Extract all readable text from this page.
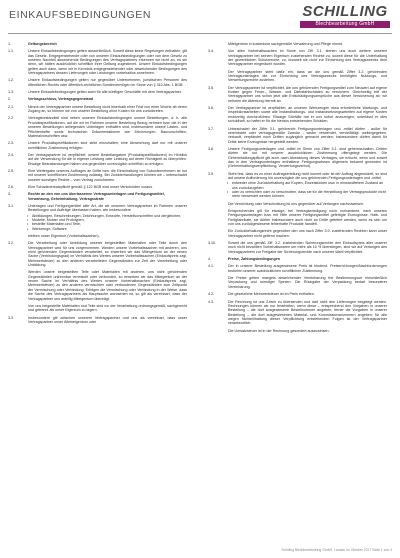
EINKAUFSBEDINGUNGEN	SCHILLING
Blechbearbeitung GmbH
1.	Geltungsbereich
1.1.	Unsere Einkaufsbedingungen gelten ausschließlich. Soweit diese keine Regelungen enthalten, gilt das Gesetz. Entgegenstehende oder von unseren Einkaufsbedingungen oder von dem Gesetz zu unseren Nachteil abweichende Bedingungen des Vertragspartners erkennen wir nicht an, es sei denn, wir hätten ausdrücklich schriftlich ihrer Geltung zugestimmt. Unsere Einkaufsbedingungen gelten auch dann, wenn wir in Kenntnis entgegenstehender oder abweichender Bedingungen des Vertragspartners dessen Lieferungen oder Leistungen vorbehaltlos annehmen.
1.2.	Unsere Einkaufsbedingungen gelten nur gegenüber Unternehmern, juristischen Personen des öffentlichen Rechts oder öffentlich-rechtlichen Sondervermögen im Sinne von § 310 Abs. 1 BGB.
1.3.	Unsere Einkaufsbedingungen gelten auch für alle künftigen Geschäfte mit dem Vertragspartner.
2.	Vertragsschluss, Vertragsgegenstand
2.1.	Nimmt der Vertragspartner unsere Bestellung nicht innerhalb einer Frist von einer Woche ab deren Zugang an, so können wir von unserer Bestellung ohne Kosten für uns zurücktreten.
2.2.	Vertragsbestandteil sind neben unseren Einkaufsbedingungen unsere Bestellungen, d. h. alle Produktspezifikationen, auf die wir im Rahmen unserer Bestellung Bezug nehmen bzw. die in der unseren Bestellungen anliegenden Unterlagen enthalten sind, insbesondere unsere Lasten- und Pflichtenhefte sowie technischen Dokumentationen wie Zeichnungen, Bauvorschriften, Materialvorschriften usw.
2.3.	Unsere Produktspezifikationen sind strikt einzuhalten; eine Abweichung darf nur mit unserer schriftlichen Zustimmung erfolgen.
2.4.	Der Vertragspartner ist verpflichtet, unsere Bestellangaben (Produktspezifikationen) im Hinblick auf die Verwendung für die in eigener Leistung oder Leistung auf deren Richtigkeit zu überprüfen. Etwaige Beanstandungen haben uns gegenüber unverzüglich schriftlich zu erfolgen.
2.5.	Eine Weitergabe unseres Auftrages an Dritte bzw. die Einschaltung von Subunternehmern ist nur mit unserer schriftlichen Zustimmung zulässig. Bei Zuwiderhandlungen können wir – unbeschadet unserer sonstigen Rechte – vom Vertrag zurücktreten.
2.6.	Eine Schadenersatzpflicht gemäß § 122 BGB wird unser Verschulden voraus.
3.	Rechte an den von uns überlassenen Vertragsunterlagen und Fertigungsmittel, Verwahrung, Geheimhaltung, Vertragsstrafe
3.1.	Unterlagen und Fertigungsmittel aller Art, die wir unserem Vertragspartner im Rahmen unserer Bestellungen und Aufträge überlassen haben, wie insbesondere
• Abbildungen, Beschreibungen, Zeichnungen, Entwürfe, Herstellvorschriften und dergleichen,
• Modelle, Muster und Prototypen,
• bestellte Materialien und Teile,
• Werkzeuge, Software
bleiben unser Eigentum (Vorbehaltssachen).
3.2.	Die Verarbeitung oder Umbildung unserer beigestellten Materialien oder Teile durch den Vertragspartner wird für uns vorgenommen. Werden unsere Vorbehaltssachen mit anderen, uns nicht gehörenden Gegenständen verarbeitet, so erwerben wir das Miteigentum an der neuen Sache (Verbindungsgrad) im Verhältnis des Wertes unserer Vorbehaltssachen (Einkaufspreis zzgl. Mehrwertsteuer) zu den anderen verarbeiteten Gegenständen zur Zeit der Verarbeitung oder Umbildung.
Werden unsere beigestellten Teile oder Materialien mit anderen, uns nicht gehörenden Gegenständen untrennbar vermischt oder verbunden, so erwerben wir das Miteigentum an der neuen Sache im Verhältnis des Wertes unserer Vorbehaltssachen (Einkaufspreis zzgl. Mehrwertsteuer) zu den anderen vermischten oder verbundenen Gegenständen zum Zeitpunkt der Vermischung oder Verbindung. Erfolgen die Vermischung oder Verbindung in der Weise, dass die Sache des Vertragspartners als Hauptsache anzusehen ist, so gilt als vereinbart, dass der Vertragspartner uns anteilig Miteigentum überträgt.
Von uns beigestellte Materialien und Teile sind vor der Verarbeitung ordnungsgemäß, sachgerecht und getrennt als unser Eigentum zu lagern.
3.3.	Insbesondere gilt zwischen unserem Vertragspartner und uns als vereinbart, dass unser Vertragspartner unser Alleineigentum oder
Miteigentum in kostenlose sachgemäße Verwahrung und Pflege nimmt.
3.4.	Von allen Vorbehaltssachen im Sinne von Ziff. 3.1. stehen uns auch weitere unseren Vertragspartner bei seinem Eigentum zustehenden Rechte zu, soweit diese für die Unterhaltung der gewerblichen Schutzrechte, zu, insoweit sie nicht zur Einrichtung des Vertragszwecks dem Vertragspartner eingeräumt wurden.
Der Vertragspartner steht dafür ein, dass an die uns gemäß Ziffer 3.2. gehörenden Vertragsunterlagen die zur Einrichtung des Vertragszwecks benötigten Nutzungs- und Verwertungsrechte zustehen.
3.5.	Der Vertragspartner ist verpflichtet, die uns gehörenden Fertigungsmittel zum Neuwert auf eigene Kosten gegen Feuer-, Wasser- und Diebstahlschäden zu versichern. Gleichzeitig tritt der Vertragspartner uns schon jetzt alle Entschädigungsansprüche aus dieser Versicherung ab; wir nehmen die Abtretung hiermit an.
3.6.	Der Vertragspartner ist verpflichtet, an unseren Werkzeugen etwa erforderliche Wartungs- und Inspektionsarbeiten sowie alle Instandhaltungs- und Instandsetzungsarbeiten auf eigene Kosten rechtzeitig durchzuführen. Etwaige Störfälle hat er uns sofort anzuzeigen; unterlässt er dies schuldhaft, so haftet er für die hieraus entstehenden Schäden.
3.7.	Unbeschadet der Ziffer 3.1. gehörende Fertigungsunterlagen und -mittel dürfen - außer für vereinbarte oder vertragsgemäße Zwecke - weder verwendet, vervielfältigt, weitergegeben, verkauft, verpfändet noch Dritten zugänglich gemacht werden; insbesondere dürfen damit für Dritte keine Erzeugnisse hergestellt werden.
3.8.	Unsere Fertigungsunterlagen und -mittel im Sinne von Ziffer 3.1. sind geheimzuhalten. Dritten dürfen sie nur mit unserer ausdrücklichen Zustimmung offengelegt werden. Die Geheimhaltungspflicht gilt auch nach Abwicklung dieses Vertrages; sie erlischt, wenn und soweit das in den Vertragsunterlagen enthaltene Fertigungswissen allgemein bekannt geworden ist (Geheimhaltungsverpflichtung, Verwertungsverbot).
3.9.	Steht fest, dass es zu einer Auftragserteilung nicht kommt oder ist der Auftrag abgewickelt, so sind auf unsere Aufforderung hin unverzüglich die uns gehörenden Fertigungsunterlagen und -mittel
• entweder ohne Zurückbehaltung auf Kopien, Einzelstücken usw. in einwandfreiem Zustand an uns zurückzugeben
• oder zu vernichten oder zu verschrotten, dass sie für die Herstellung der Vertragsprodukte nicht mehr verwendet werden können.
Die Vernichtung oder Verschrottung ist uns gegenüber auf Verlangen nachzuweisen.
Entsprechendes gilt für etwaige, bei Vertragserledigung noch vorhandene, nach unseren Fertigungsunterlagen bzw. mit Hilfe unserer Fertigungsmittel gefertigte Erzeugnisse. Halb- und Fertigfabrikate, sie dürfen insbesondere auch nicht an Dritte geliefert werden, wenn es sich um von uns zurückgewiesene fehlerhafte Produkte handelt.
Ein Zurückbehaltungsrecht gegenüber den uns nach Ziffer 3.9. zustehenden Rechten kann unser Vertragspartner nicht geltend machen.
3.10.	Soweit die uns gemäß Ziff. 3.2. zustehenden Sicherungsrechte den Einkaufspreis aller unserer noch nicht bezahlten Vorbehaltswaren um mehr als 10 % übersteigen, sind wir auf Verlangen des Vertragspartners zur Freigabe der Sicherungsrechte nach unserer Wahl verpflichtet.
4.	Preise, Zahlungsbedingungen
4.1.	Der in unserer Bestellung ausgewiesene Preis ist bindend. Preiserhöhungen/Nachforderungen bedürfen unserer ausdrücklichen schriftlichen Zustimmung.
Die Preise gelten mangels abweichender Vereinbarung frei Bestimmungsort einschließlich Verpackung und sonstiger Spesen. Die Rückgabe der Verpackung bedarf besonderer Vereinbarung.
4.2.	Die gesetzliche Mehrwertsteuer ist im Preis enthalten.
4.3.	Die Rechnung ist uns 2-fach zu übersenden und darf nicht den Lieferungen beigelegt werden. Rechnungen können wir nur bearbeiten, wenn diese – entsprechend den Vorgaben in unserer Bestellung – die dort ausgewiesene Bestellnummer angeben; ferner die Vorgaben in unserer Bestellung – die dort ausgewiesenen Material- und Kommissionsnummern angeben; für alle wegen Nichteinhaltung dieser Verpflichtung entstehenden Folgen ist der Vertragspartner verantwortlich.
Die Umsatzsteuer ist in der Rechnung gesondert auszuweisen.
Schilling Blechbearbeitung GmbH, Landau im Oktober 2017 Seite 1 von 4
